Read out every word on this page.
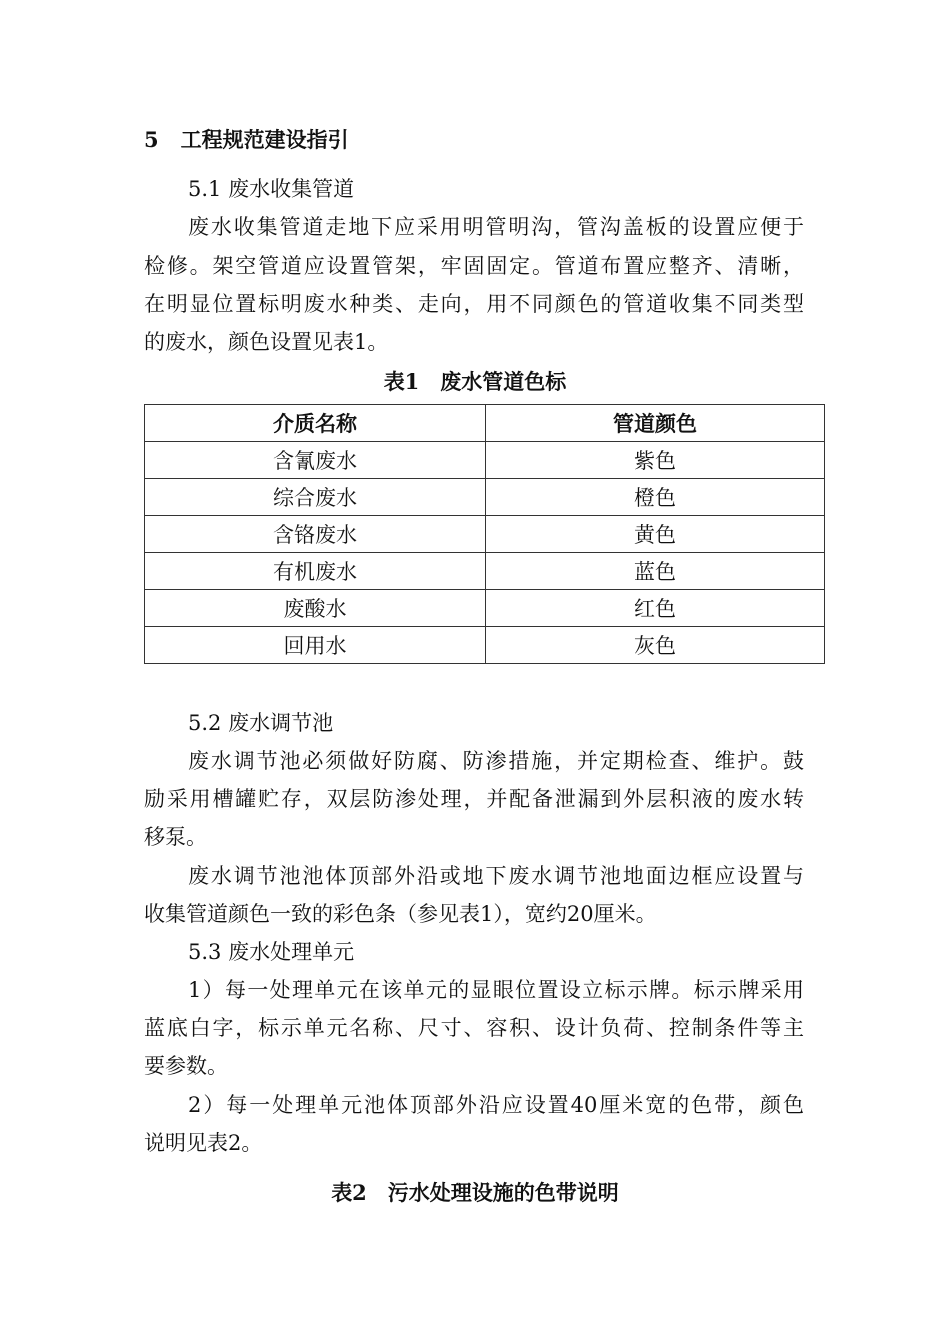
5 工程规范建设指引
5.1 废水收集管道
废水收集管道走地下应采用明管明沟，管沟盖板的设置应便于
检修。架空管道应设置管架，牢固固定。管道布置应整齐、清晰，
在明显位置标明废水种类、走向，用不同颜色的管道收集不同类型
的废水，颜色设置见表1。
表1　废水管道色标
介质名称	管道颜色
含氰废水	紫色
综合废水	橙色
含铬废水	黄色
有机废水	蓝色
废酸水	红色
回用水	灰色
5.2 废水调节池
废水调节池必须做好防腐、防渗措施，并定期检查、维护。鼓
励采用槽罐贮存，双层防渗处理，并配备泄漏到外层积液的废水转
移泵。
废水调节池池体顶部外沿或地下废水调节池地面边框应设置与
收集管道颜色一致的彩色条（参见表1），宽约20厘米。
5.3 废水处理单元
1）每一处理单元在该单元的显眼位置设立标示牌。标示牌采用
蓝底白字，标示单元名称、尺寸、容积、设计负荷、控制条件等主
要参数。
2）每一处理单元池体顶部外沿应设置40厘米宽的色带，颜色
说明见表2。
表2　污水处理设施的色带说明
